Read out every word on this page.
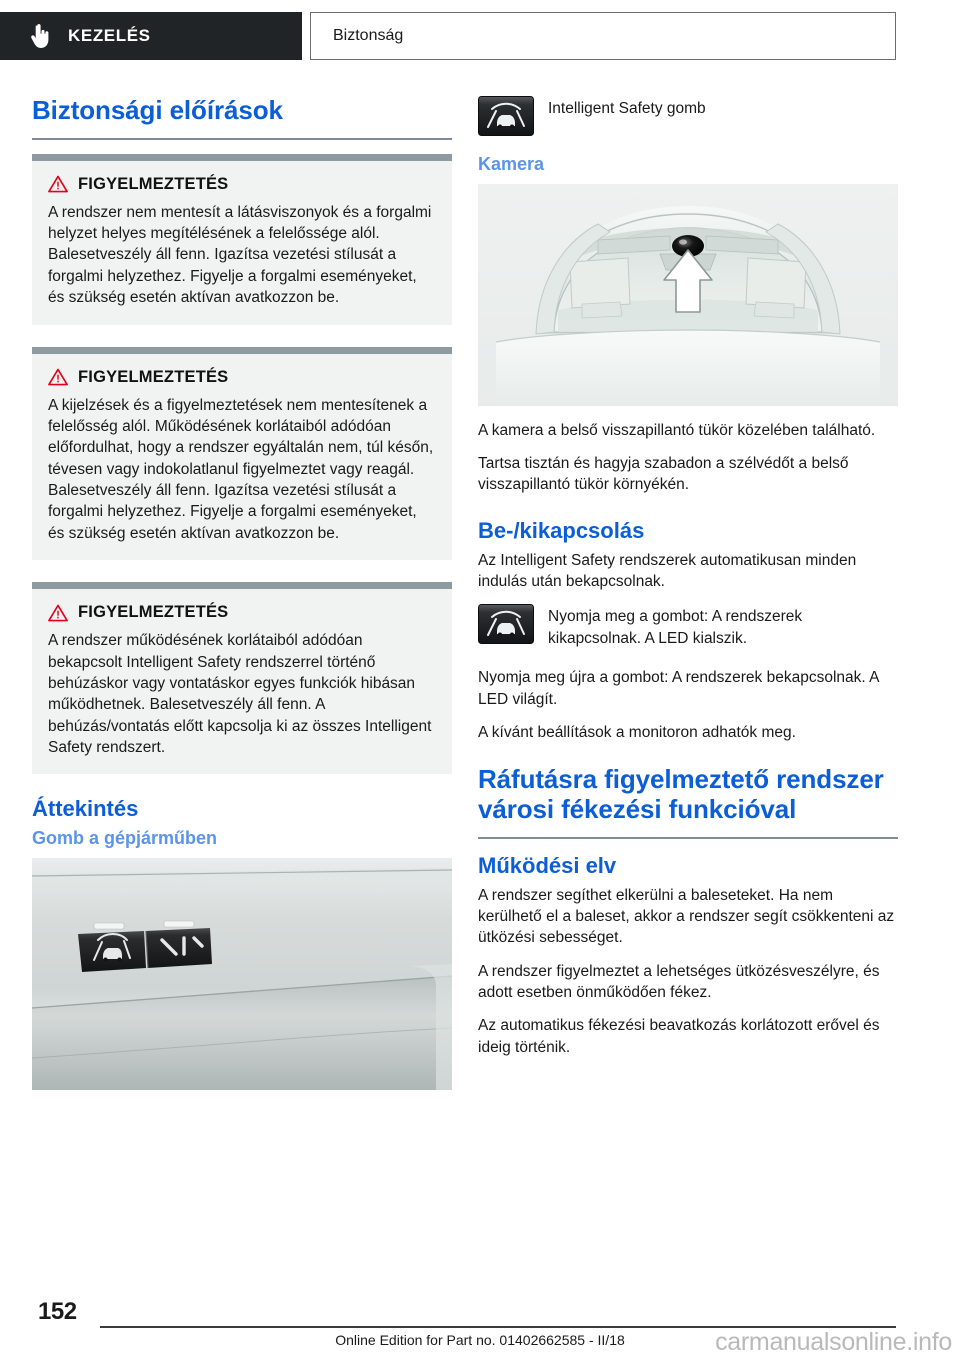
KEZELÉS	Biztonság
Biztonsági előírások
FIGYELMEZTETÉS

A rendszer nem mentesít a látásviszonyok és a forgalmi helyzet helyes megítélésének a felelőssége alól. Balesetveszély áll fenn. Igazítsa vezetési stílusát a forgalmi helyzethez. Figyelje a forgalmi eseményeket, és szükség esetén aktívan avatkozzon be.

FIGYELMEZTETÉS

A kijelzések és a figyelmeztetések nem mentesítenek a felelősség alól. Működésének korlátaiból adódóan előfordulhat, hogy a rendszer egyáltalán nem, túl későn, tévesen vagy indokolatlanul figyelmeztet vagy reagál. Balesetveszély áll fenn. Igazítsa vezetési stílusát a forgalmi helyzethez. Figyelje a forgalmi eseményeket, és szükség esetén aktívan avatkozzon be.

FIGYELMEZTETÉS

A rendszer működésének korlátaiból adódóan bekapcsolt Intelligent Safety rendszerrel történő behúzáskor vagy vontatáskor egyes funkciók hibásan működhetnek. Balesetveszély áll fenn. A behúzás/vontatás előtt kapcsolja ki az összes Intelligent Safety rendszert.

Áttekintés
Gomb a gépjárműben
Intelligent Safety gomb
Kamera

A kamera a belső visszapillantó tükör közelében található.

Tartsa tisztán és hagyja szabadon a szélvédőt a belső visszapillantó tükör környékén.

Be-/kikapcsolás

Az Intelligent Safety rendszerek automatikusan minden indulás után bekapcsolnak.

Nyomja meg a gombot: A rendszerek kikapcsolnak. A LED kialszik.

Nyomja meg újra a gombot: A rendszerek bekapcsolnak. A LED világít.

A kívánt beállítások a monitoron adhatók meg.

Ráfutásra figyelmeztető rendszer városi fékezési funkcióval
Működési elv

A rendszer segíthet elkerülni a baleseteket. Ha nem kerülhető el a baleset, akkor a rendszer segít csökkenteni az ütközési sebességet.

A rendszer figyelmeztet a lehetséges ütközésveszélyre, és adott esetben önműködően fékez.

Az automatikus fékezési beavatkozás korlátozott erővel és ideig történik.

152
Online Edition for Part no. 01402662585 - II/18	carmanualsonline.info
